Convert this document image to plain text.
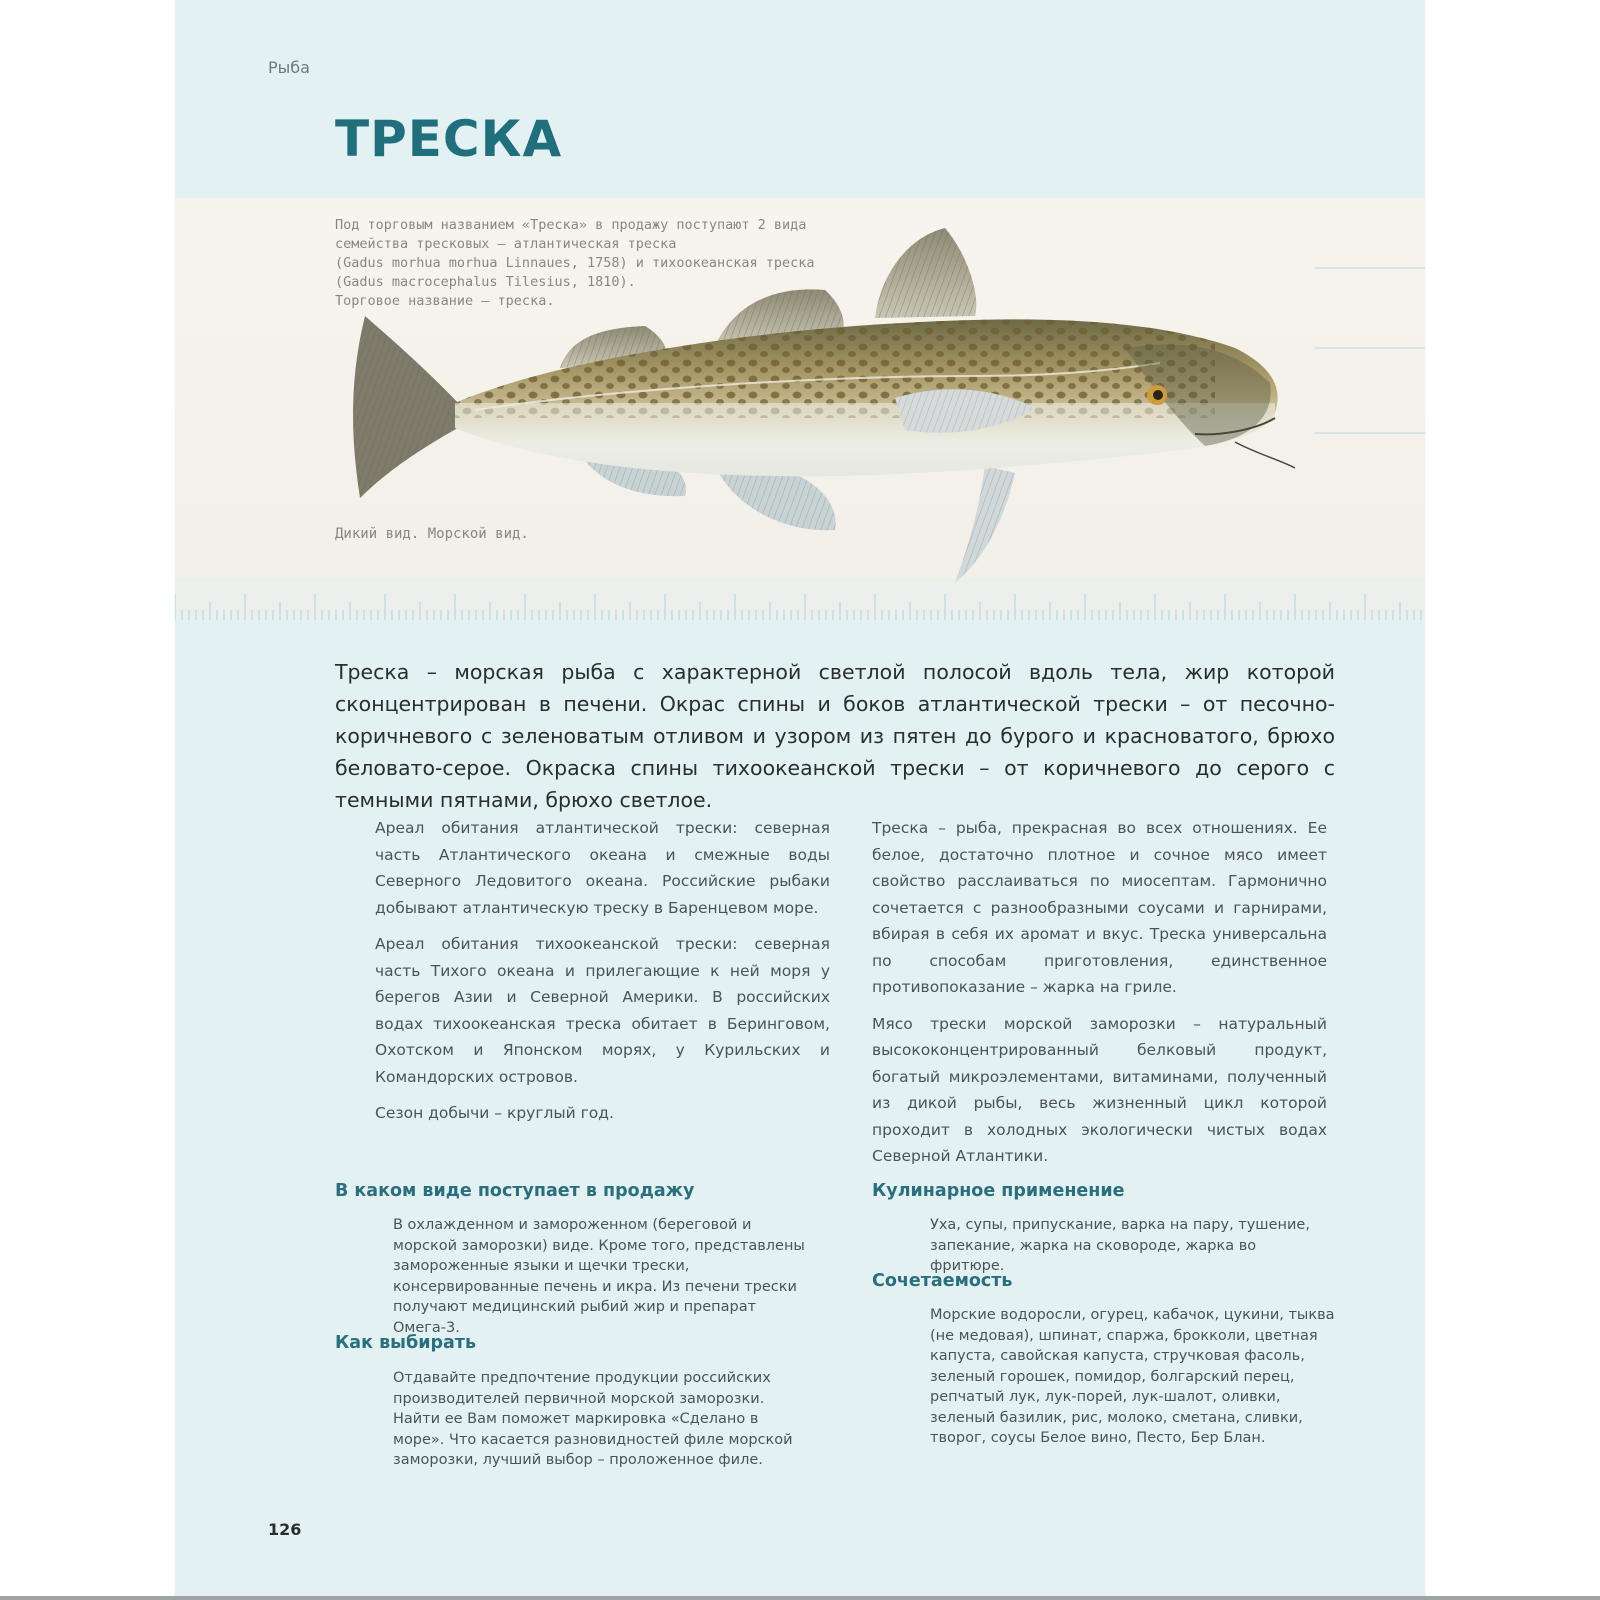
Рыба
ТРЕСКА
Под торговым названием «Треска» в продажу поступают 2 вида
семейства тресковых – атлантическая треска
(Gadus morhua morhua Linnaues, 1758) и тихоокеанская треска
(Gadus macrocephalus Tilesius, 1810).
Торговое название – треска.
Дикий вид. Морской вид.
Треска – морская рыба с характерной светлой полосой вдоль тела, жир которой сконцентрирован в печени. Окрас спины и боков атлантической трески – от песочно-коричневого с зеленоватым отливом и узором из пятен до бурого и красноватого, брюхо беловато-серое. Окраска спины тихоокеанской трески – от коричневого до серого с темными пятнами, брюхо светлое.

Ареал обитания атлантической трески: северная часть Атлантического океана и смежные воды Северного Ледовитого океана. Российские рыбаки добывают атлантическую треску в Баренцевом море.

Ареал обитания тихоокеанской трески: северная часть Тихого океана и прилегающие к ней моря у берегов Азии и Северной Америки. В российских водах тихоокеанская треска обитает в Беринговом, Охотском и Японском морях, у Курильских и Командорских островов.

Сезон добычи – круглый год.

Треска – рыба, прекрасная во всех отношениях. Ее белое, достаточно плотное и сочное мясо имеет свойство расслаиваться по миосептам. Гармонично сочетается с разнообразными соусами и гарнирами, вбирая в себя их аромат и вкус. Треска универсальна по способам приготовления, единственное противопоказание – жарка на гриле.

Мясо трески морской заморозки – натуральный высококонцентрированный белковый продукт, богатый микроэлементами, витаминами, полученный из дикой рыбы, весь жизненный цикл которой проходит в холодных экологически чистых водах Северной Атлантики.

В каком виде поступает в продажу
В охлажденном и замороженном (береговой и морской заморозки) виде. Кроме того, представлены замороженные языки и щечки трески, консервированные печень и икра. Из печени трески получают медицинский рыбий жир и препарат Омега-3.
Как выбирать
Отдавайте предпочтение продукции российских производителей первичной морской заморозки. Найти ее Вам поможет маркировка «Сделано в море». Что касается разновидностей филе морской заморозки, лучший выбор – проложенное филе.
Кулинарное применение
Уха, супы, припускание, варка на пару, тушение, запекание, жарка на сковороде, жарка во фритюре.
Сочетаемость
Морские водоросли, огурец, кабачок, цукини, тыква (не медовая), шпинат, спаржа, брокколи, цветная капуста, савойская капуста, стручковая фасоль, зеленый горошек, помидор, болгарский перец, репчатый лук, лук-порей, лук-шалот, оливки, зеленый базилик, рис, молоко, сметана, сливки, творог, соусы Белое вино, Песто, Бер Блан.
126
